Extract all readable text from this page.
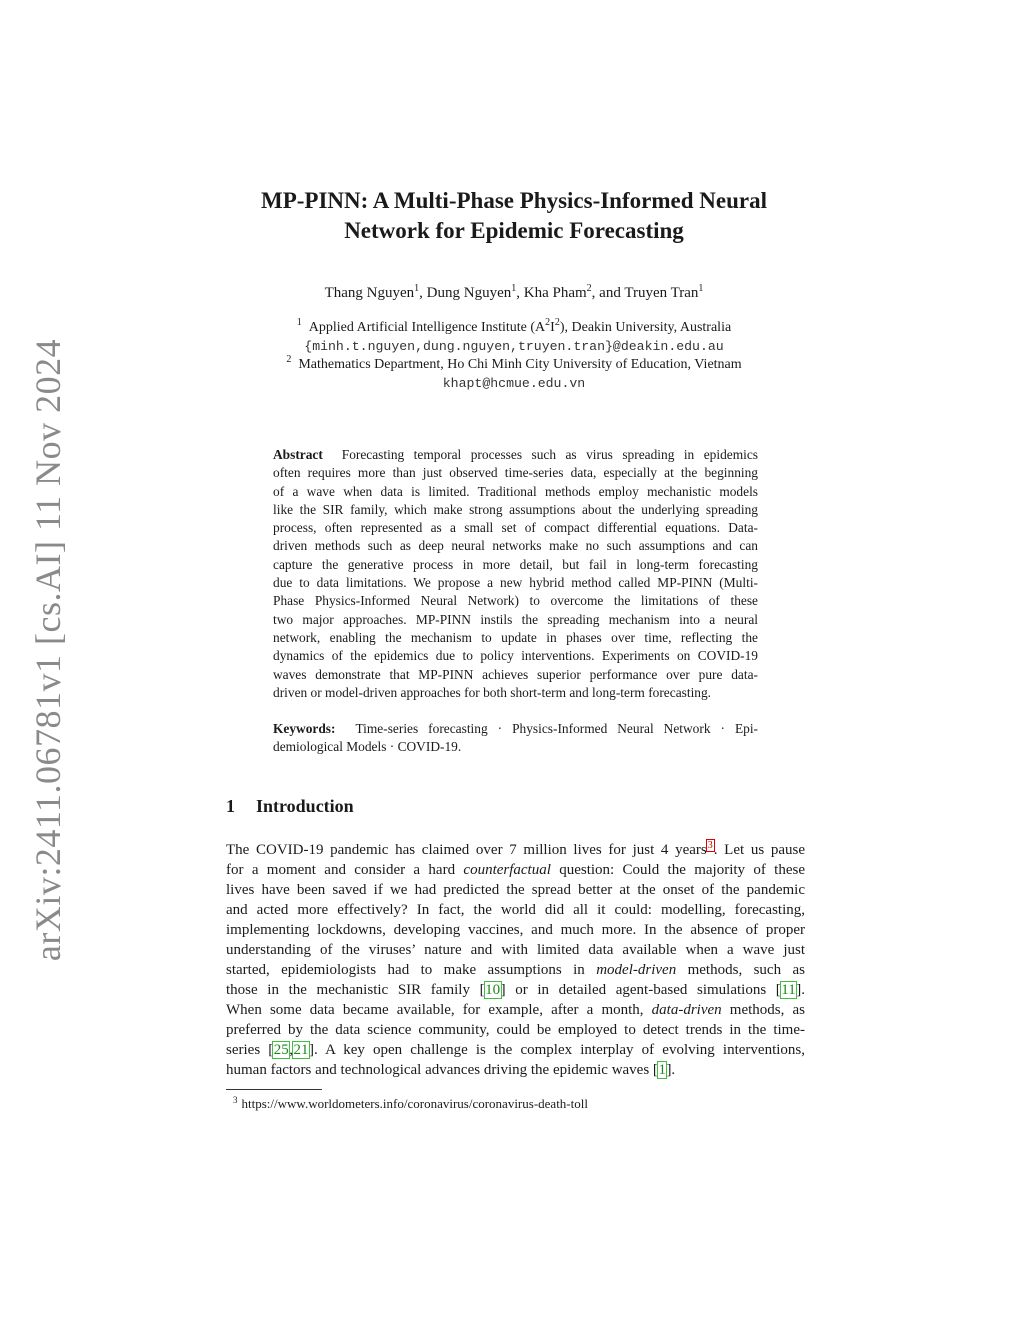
arXiv:2411.06781v1 [cs.AI] 11 Nov 2024
MP-PINN: A Multi-Phase Physics-Informed Neural
Network for Epidemic Forecasting
Thang Nguyen$^1$, Dung Nguyen$^1$, Kha Pham$^2$, and Truyen Tran$^1$
$^1$ Applied Artificial Intelligence Institute $(A^2I^2)$, Deakin University, Australia
{minh.t.nguyen,dung.nguyen,truyen.tran}@deakin.edu.au
$^2$ Mathematics Department, Ho Chi Minh City University of Education, Vietnam
khapt@hcmue.edu.vn
Abstract Forecasting temporal processes such as virus spreading in epidemics
often requires more than just observed time-series data, especially at the beginning
of a wave when data is limited. Traditional methods employ mechanistic models
like the SIR family, which make strong assumptions about the underlying spreading
process, often represented as a small set of compact differential equations. Data-
driven methods such as deep neural networks make no such assumptions and can
capture the generative process in more detail, but fail in long-term forecasting
due to data limitations. We propose a new hybrid method called MP-PINN (Multi-
Phase Physics-Informed Neural Network) to overcome the limitations of these
two major approaches. MP-PINN instils the spreading mechanism into a neural
network, enabling the mechanism to update in phases over time, reflecting the
dynamics of the epidemics due to policy interventions. Experiments on COVID-19
waves demonstrate that MP-PINN achieves superior performance over pure data-
driven or model-driven approaches for both short-term and long-term forecasting.
Keywords: Time-series forecasting · Physics-Informed Neural Network · Epi-
demiological Models · COVID-19.
1 Introduction
The COVID-19 pandemic has claimed over 7 million lives for just 4 years$^3$. Let us pause
for a moment and consider a hard counterfactual question: Could the majority of these
lives have been saved if we had predicted the spread better at the onset of the pandemic
and acted more effectively? In fact, the world did all it could: modelling, forecasting,
implementing lockdowns, developing vaccines, and much more. In the absence of proper
understanding of the viruses’ nature and with limited data available when a wave just
started, epidemiologists had to make assumptions in model-driven methods, such as
those in the mechanistic SIR family [10] or in detailed agent-based simulations [11].
When some data became available, for example, after a month, data-driven methods, as
preferred by the data science community, could be employed to detect trends in the time-
series [25,21]. A key open challenge is the complex interplay of evolving interventions,
human factors and technological advances driving the epidemic waves [1].
$^3$ https://www.worldometers.info/coronavirus/coronavirus-death-toll
